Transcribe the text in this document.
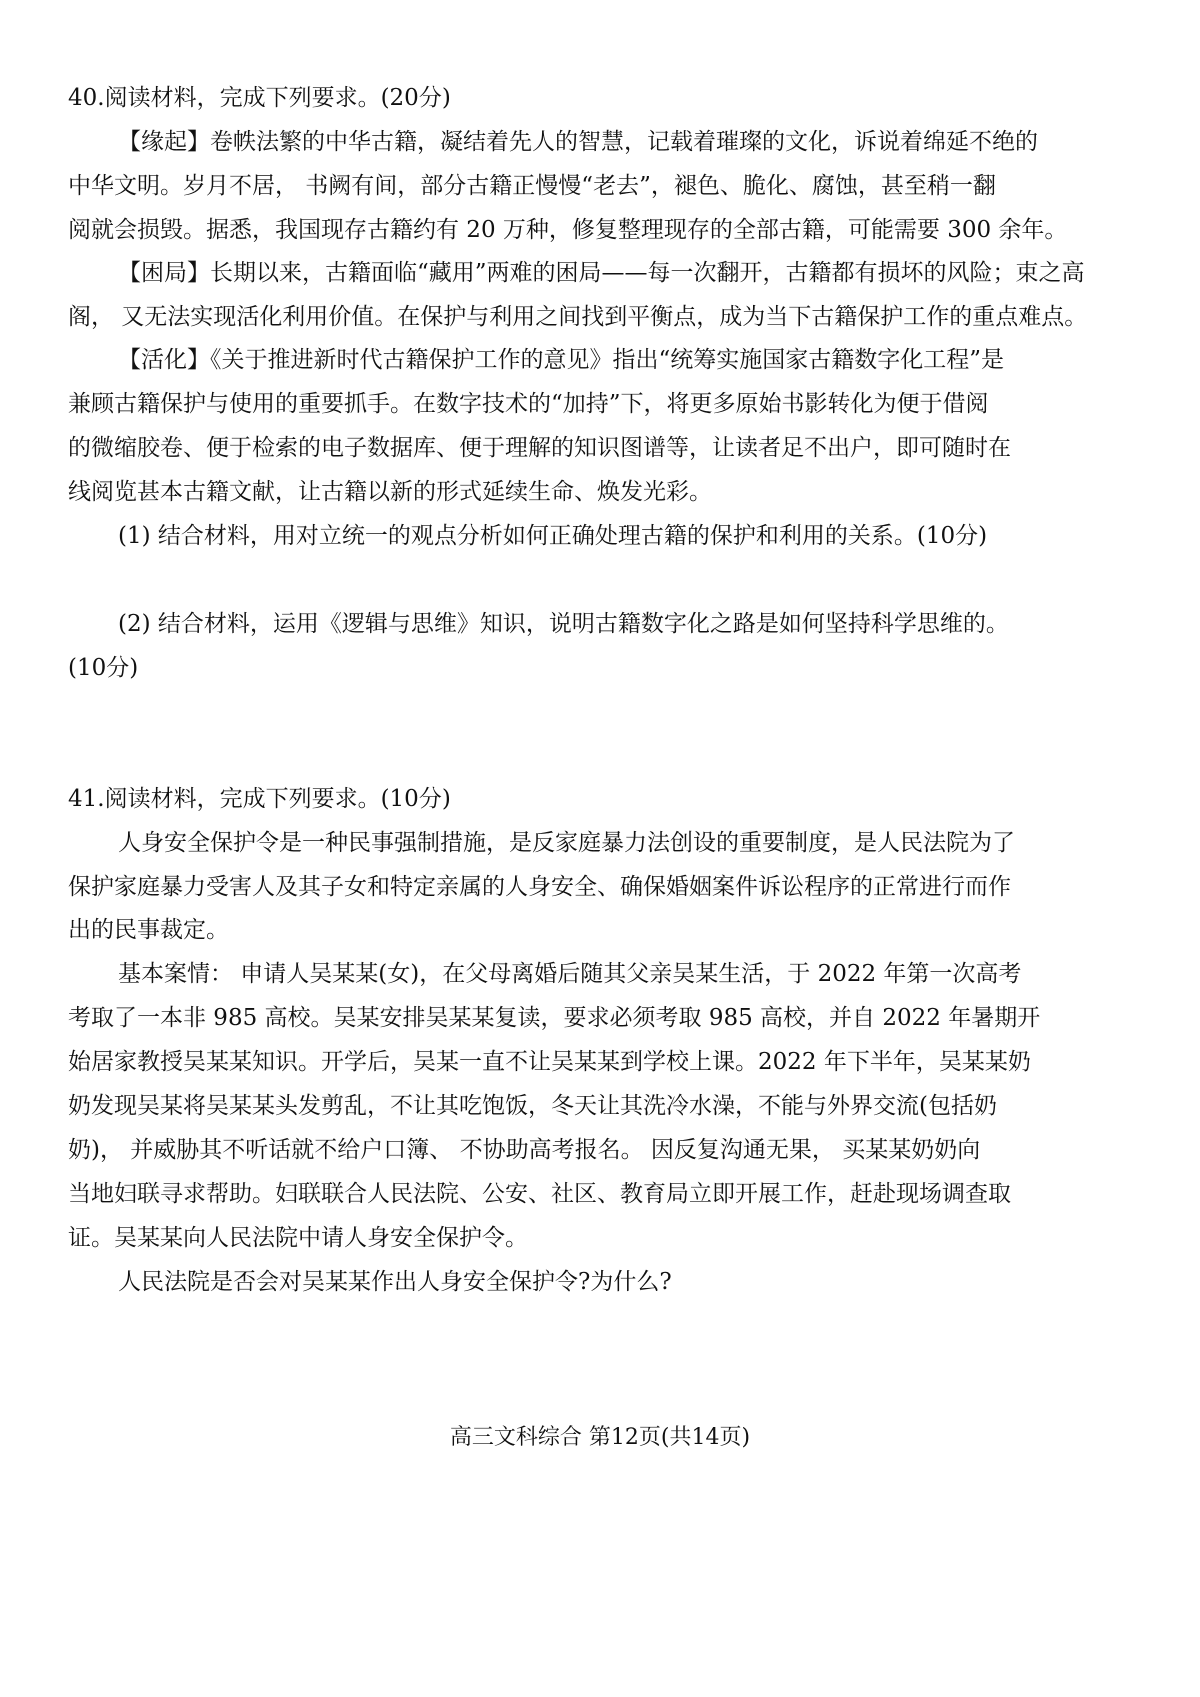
40.阅读材料，完成下列要求。(20分)
【缘起】卷帙法繁的中华古籍，凝结着先人的智慧，记载着璀璨的文化，诉说着绵延不绝的
中华文明。岁月不居， 书阙有间，部分古籍正慢慢“老去”，褪色、脆化、腐蚀，甚至稍一翻
阅就会损毁。据悉，我国现存古籍约有 20 万种，修复整理现存的全部古籍，可能需要 300 余年。
【困局】长期以来，古籍面临“藏用”两难的困局——每一次翻开，古籍都有损坏的风险；束之高
阁， 又无法实现活化利用价值。在保护与利用之间找到平衡点，成为当下古籍保护工作的重点难点。
【活化】《关于推进新时代古籍保护工作的意见》指出“统筹实施国家古籍数字化工程”是
兼顾古籍保护与使用的重要抓手。在数字技术的“加持”下，将更多原始书影转化为便于借阅
的微缩胶卷、便于检索的电子数据库、便于理解的知识图谱等，让读者足不出户，即可随时在
线阅览甚本古籍文献，让古籍以新的形式延续生命、焕发光彩。
(1) 结合材料，用对立统一的观点分析如何正确处理古籍的保护和利用的关系。(10分)
(2) 结合材料，运用《逻辑与思维》知识，说明古籍数字化之路是如何坚持科学思维的。
(10分)
41.阅读材料，完成下列要求。(10分)
人身安全保护令是一种民事强制措施，是反家庭暴力法创设的重要制度，是人民法院为了
保护家庭暴力受害人及其子女和特定亲属的人身安全、确保婚姻案件诉讼程序的正常进行而作
出的民事裁定。
基本案情： 申请人吴某某(女)，在父母离婚后随其父亲吴某生活，于 2022 年第一次高考
考取了一本非 985 高校。吴某安排吴某某复读，要求必须考取 985 高校，并自 2022 年暑期开
始居家教授吴某某知识。开学后，吴某一直不让吴某某到学校上课。2022 年下半年，吴某某奶
奶发现吴某将吴某某头发剪乱，不让其吃饱饭，冬天让其洗冷水澡，不能与外界交流(包括奶
奶)， 并威胁其不听话就不给户口簿、 不协助高考报名。 因反复沟通无果， 买某某奶奶向
当地妇联寻求帮助。妇联联合人民法院、公安、社区、教育局立即开展工作，赶赴现场调查取
证。吴某某向人民法院中请人身安全保护令。
人民法院是否会对吴某某作出人身安全保护令?为什么?
高三文科综合 第12页(共14页)
